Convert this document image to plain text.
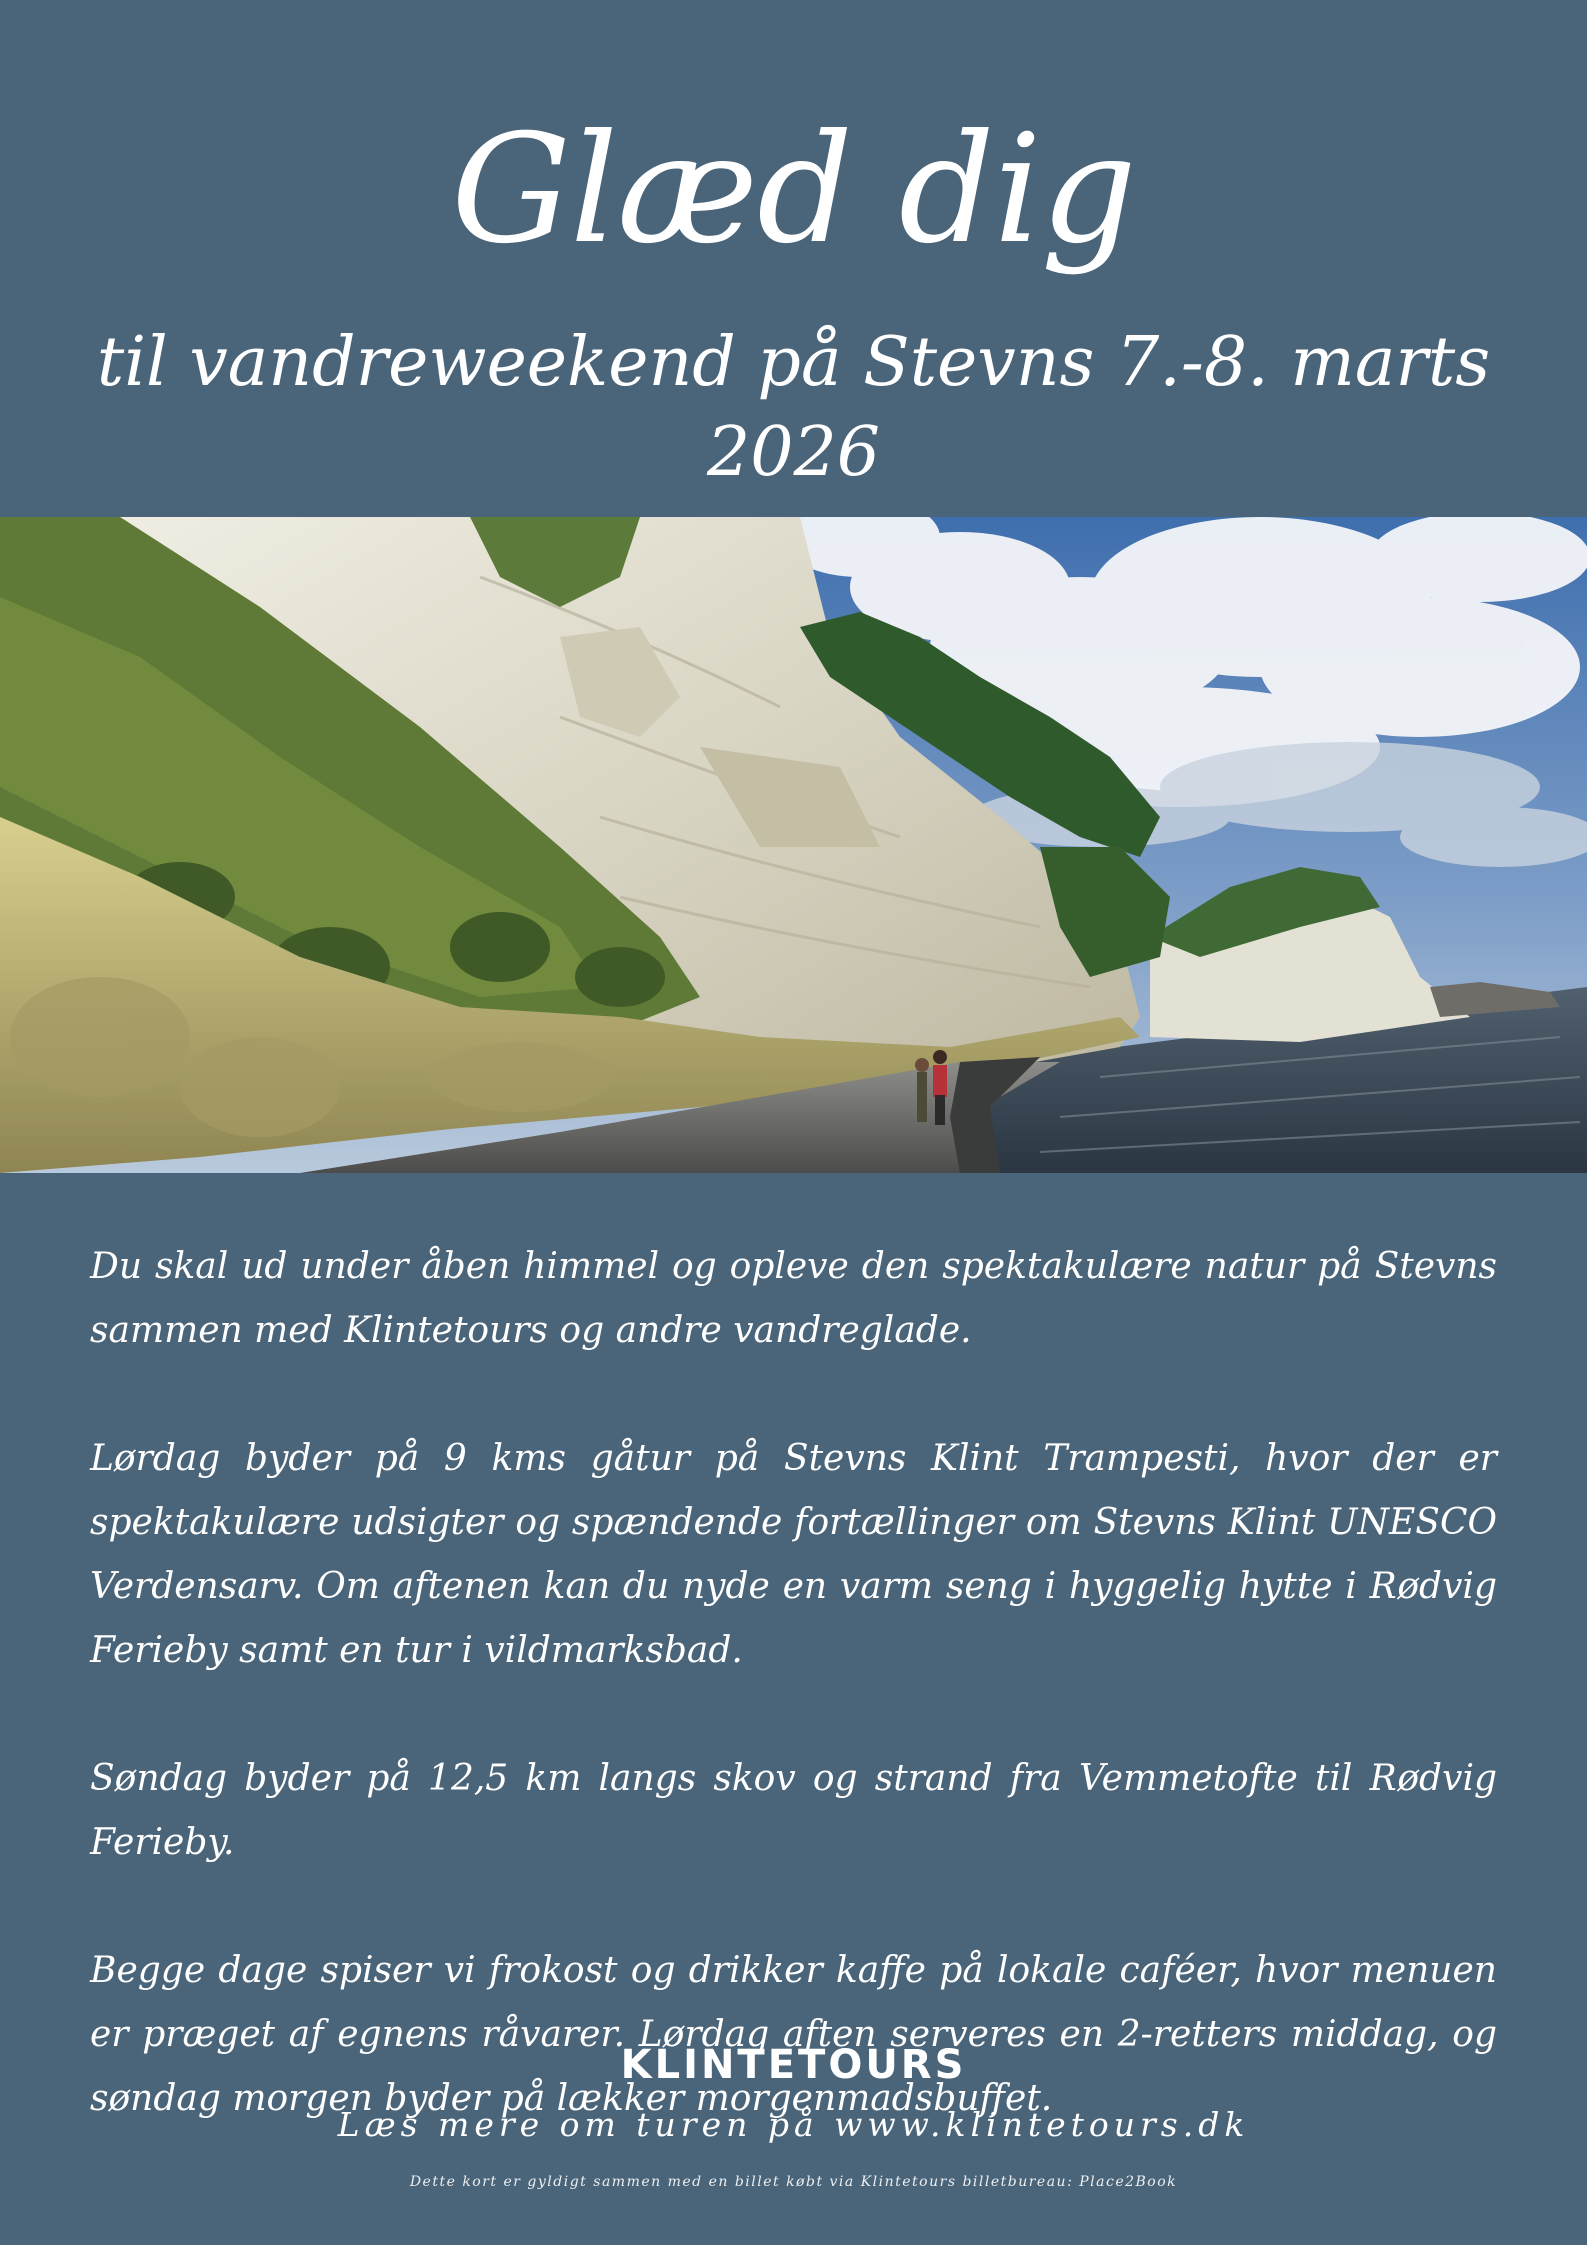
Glæd dig
til vandreweekend på Stevns 7.-8. marts 2026

Du skal ud under åben himmel og opleve den spektakulære natur på Stevns sammen med Klintetours og andre vandreglade.

Lørdag byder på 9 kms gåtur på Stevns Klint Trampesti, hvor der er spektakulære udsigter og spændende fortællinger om Stevns Klint UNESCO Verdensarv. Om aftenen kan du nyde en varm seng i hyggelig hytte i Rødvig Ferieby samt en tur i vildmarksbad.

Søndag byder på 12,5 km langs skov og strand fra Vemmetofte til Rødvig Ferieby.

Begge dage spiser vi frokost og drikker kaffe på lokale caféer, hvor menuen er præget af egnens råvarer. Lørdag aften serveres en 2-retters middag, og søndag morgen byder på lækker morgenmadsbuffet.

KLINTETOURS
Læs mere om turen på www.klintetours.dk
Dette kort er gyldigt sammen med en billet købt via Klintetours billetbureau: Place2Book
